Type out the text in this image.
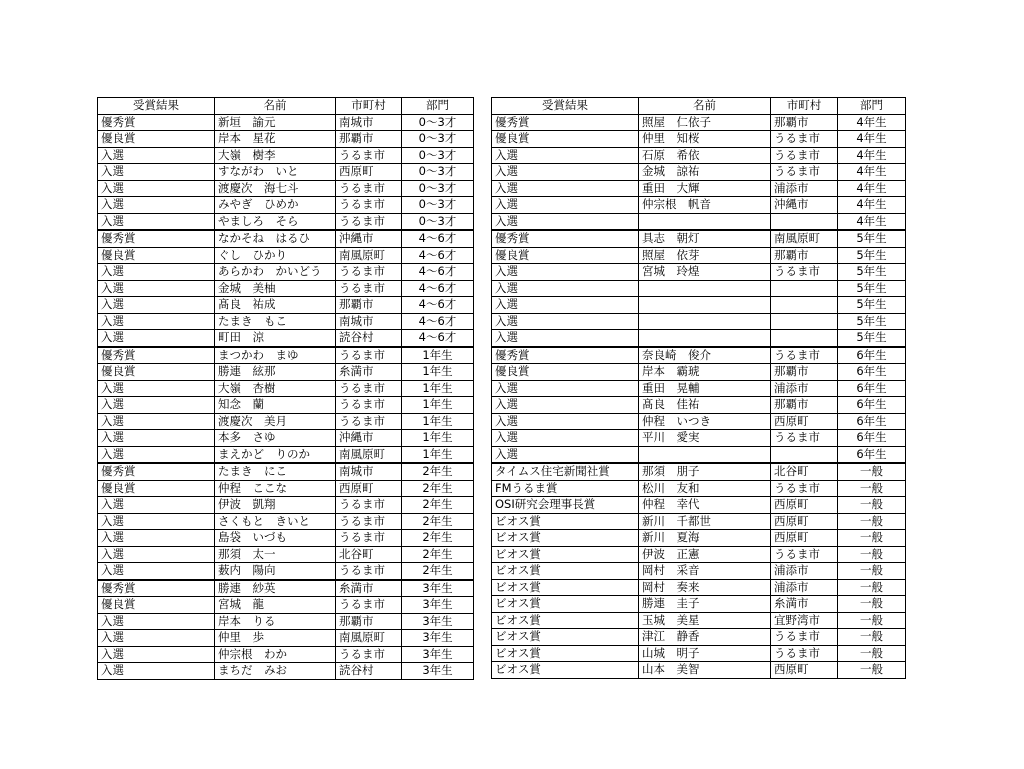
受賞結果	名前	市町村	部門
優秀賞	新垣　諭元	南城市	0～3才
優良賞	岸本　星花	那覇市	0～3才
入選	大嶺　樹李	うるま市	0～3才
入選	すながわ　いと	西原町	0～3才
入選	渡慶次　海七斗	うるま市	0～3才
入選	みやぎ　ひめか	うるま市	0～3才
入選	やましろ　そら	うるま市	0～3才
優秀賞	なかそね　はるひ	沖縄市	4～6才
優良賞	ぐし　ひかり	南風原町	4～6才
入選	あらかわ　かいどう	うるま市	4～6才
入選	金城　美柚	うるま市	4～6才
入選	髙良　祐成	那覇市	4～6才
入選	たまき　もこ	南城市	4～6才
入選	町田　涼	読谷村	4～6才
優秀賞	まつかわ　まゆ	うるま市	1年生
優良賞	勝連　絃那	糸満市	1年生
入選	大嶺　杏樹	うるま市	1年生
入選	知念　蘭	うるま市	1年生
入選	渡慶次　美月	うるま市	1年生
入選	本多　さゆ	沖縄市	1年生
入選	まえかど　りのか	南風原町	1年生
優秀賞	たまき　にこ	南城市	2年生
優良賞	仲程　ここな	西原町	2年生
入選	伊波　凱翔	うるま市	2年生
入選	さくもと　きいと	うるま市	2年生
入選	島袋　いづも	うるま市	2年生
入選	那須　太一	北谷町	2年生
入選	薮内　陽向	うるま市	2年生
優秀賞	勝連　紗英	糸満市	3年生
優良賞	宮城　龍	うるま市	3年生
入選	岸本　りる	那覇市	3年生
入選	仲里　歩	南風原町	3年生
入選	仲宗根　わか	うるま市	3年生
入選	まちだ　みお	読谷村	3年生
受賞結果	名前	市町村	部門
優秀賞	照屋　仁依子	那覇市	4年生
優良賞	仲里　知桜	うるま市	4年生
入選	石原　希依	うるま市	4年生
入選	金城　諒祐	うるま市	4年生
入選	重田　大輝	浦添市	4年生
入選	仲宗根　帆音	沖縄市	4年生
入選			4年生
優秀賞	具志　朝灯	南風原町	5年生
優良賞	照屋　依芽	那覇市	5年生
入選	宮城　玲煌	うるま市	5年生
入選			5年生
入選			5年生
入選			5年生
入選			5年生
優秀賞	奈良崎　俊介	うるま市	6年生
優良賞	岸本　霸琥	那覇市	6年生
入選	重田　晃輔	浦添市	6年生
入選	髙良　佳祐	那覇市	6年生
入選	仲程　いつき	西原町	6年生
入選	平川　愛実	うるま市	6年生
入選			6年生
タイムス住宅新聞社賞	那須　朋子	北谷町	一般
FMうるま賞	松川　友和	うるま市	一般
OSI研究会理事長賞	仲程　幸代	西原町	一般
ビオス賞	新川　千都世	西原町	一般
ビオス賞	新川　夏海	西原町	一般
ビオス賞	伊波　正憲	うるま市	一般
ビオス賞	岡村　采音	浦添市	一般
ビオス賞	岡村　奏来	浦添市	一般
ビオス賞	勝連　圭子	糸満市	一般
ビオス賞	玉城　美星	宜野湾市	一般
ビオス賞	津江　静香	うるま市	一般
ビオス賞	山城　明子	うるま市	一般
ビオス賞	山本　美智	西原町	一般
